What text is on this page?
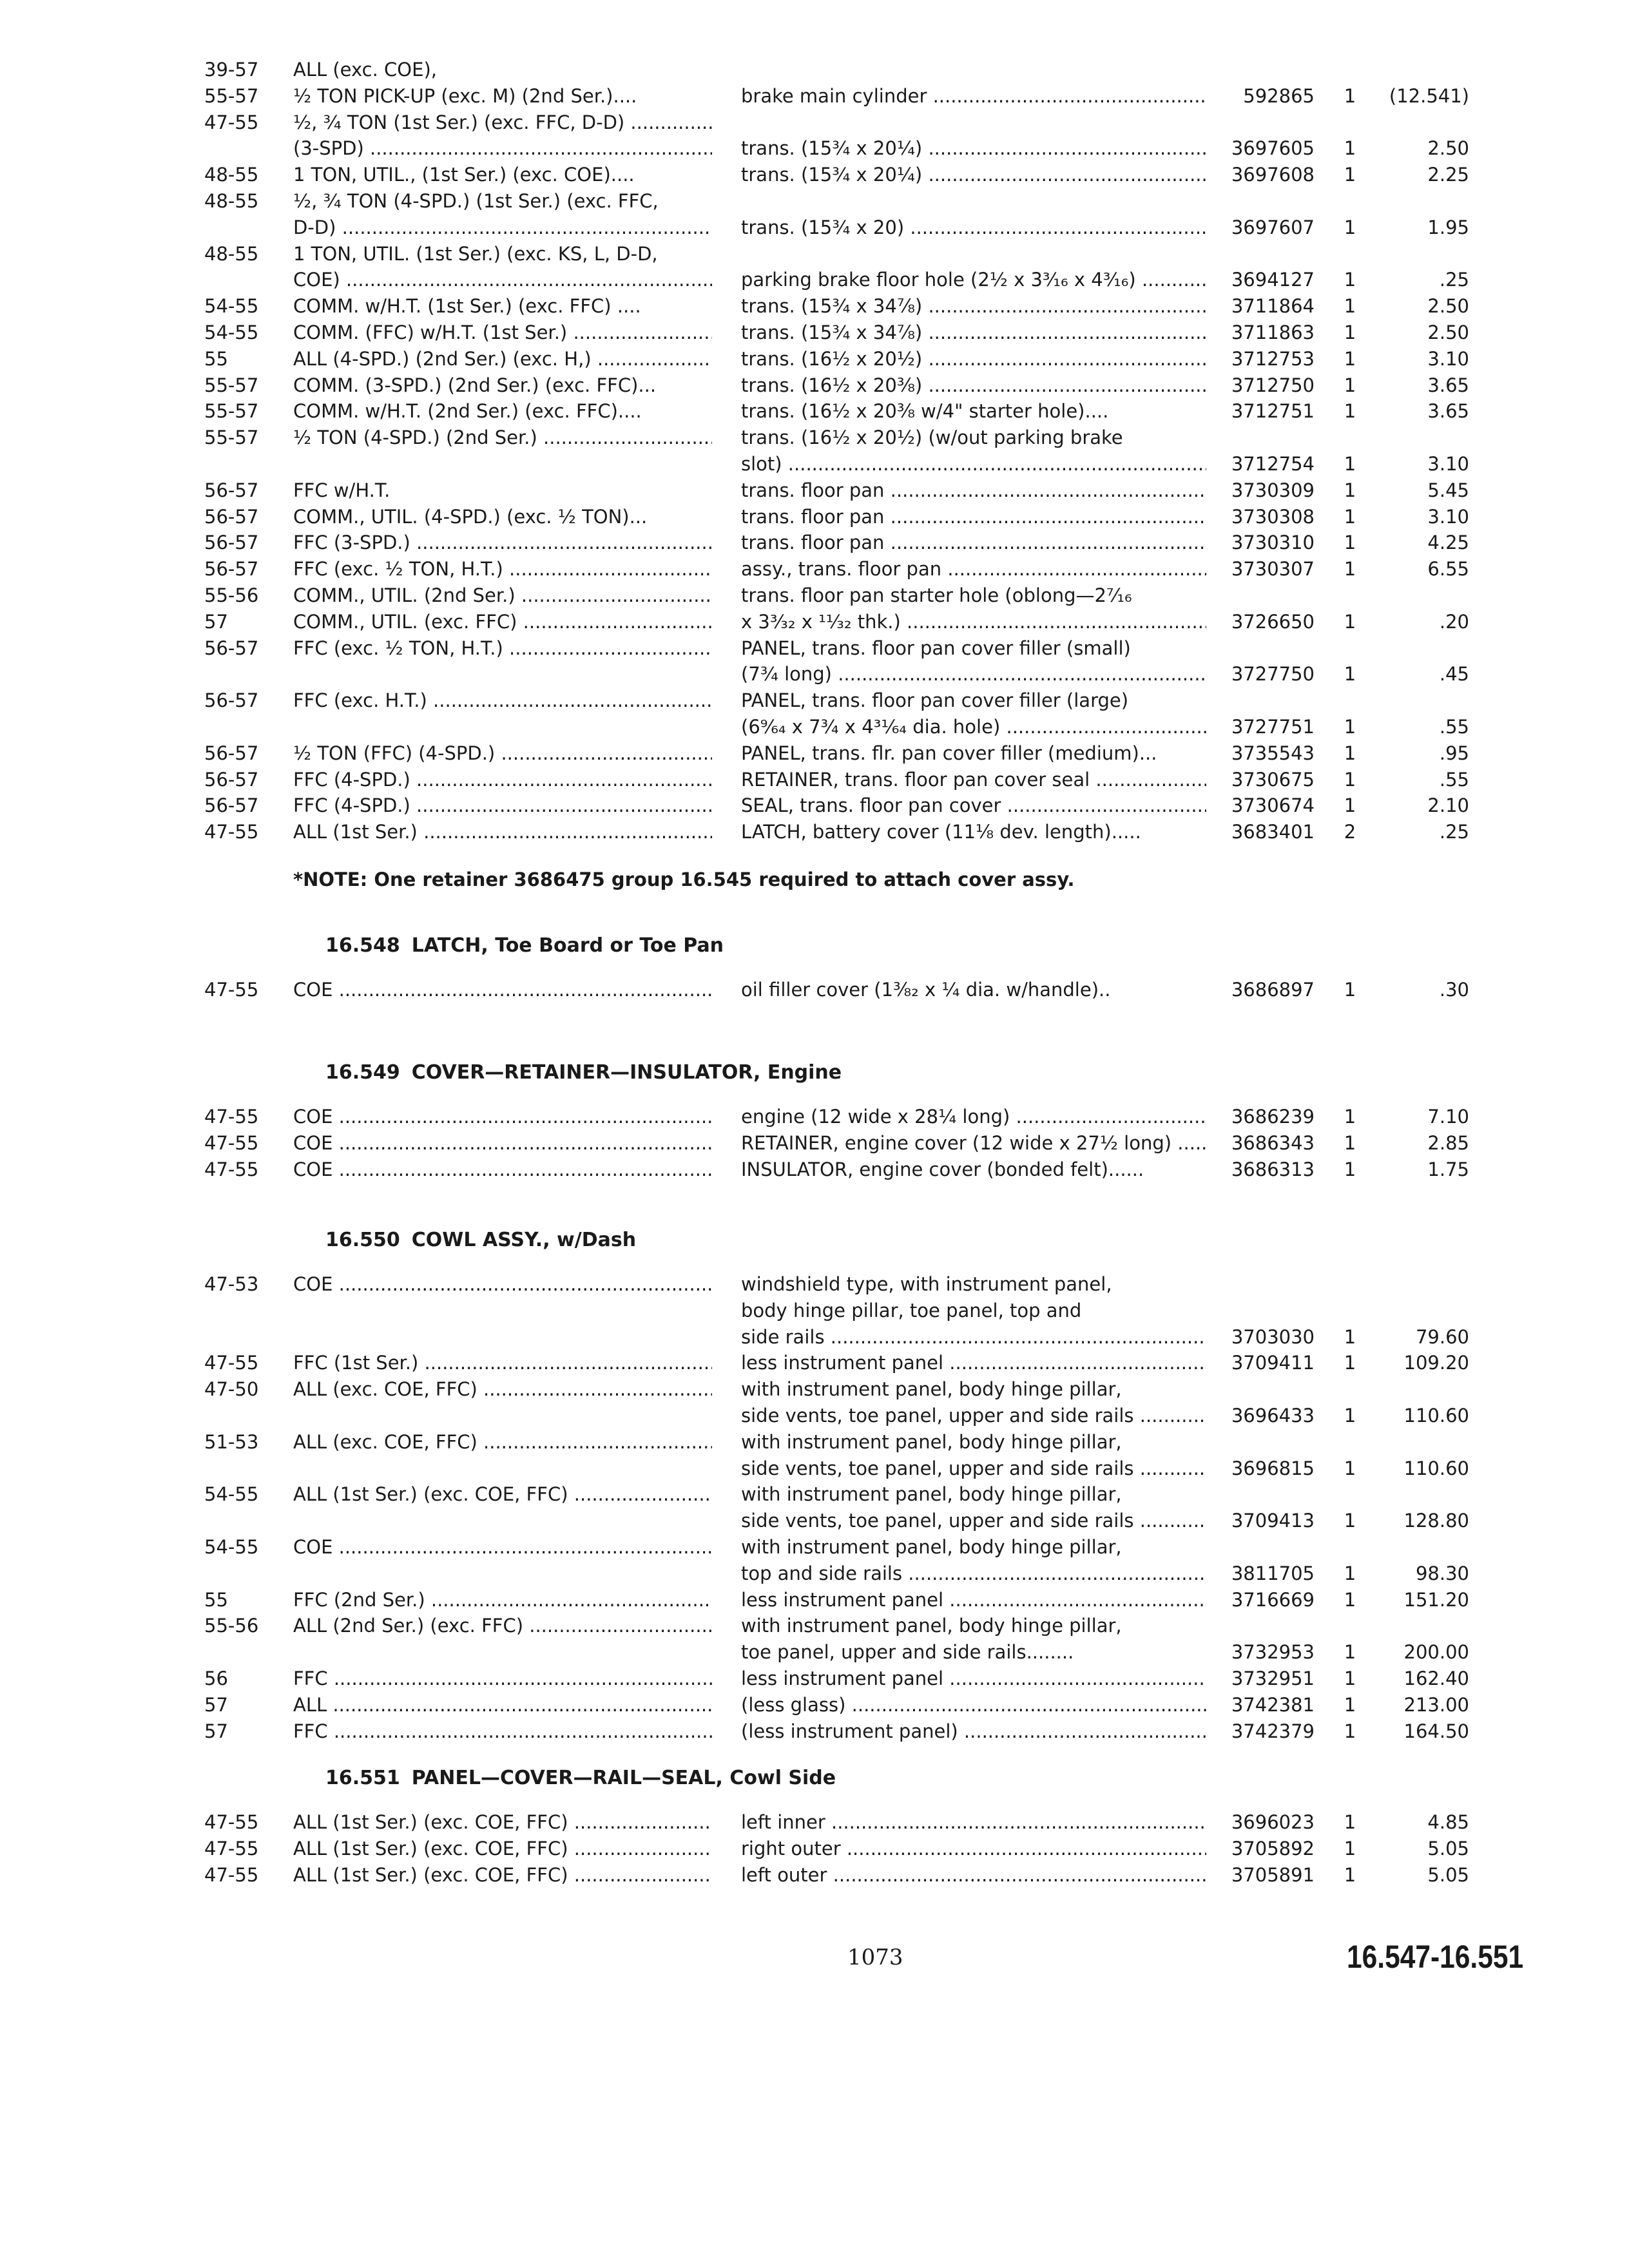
39-57 ALL (exc. COE),
55-57 ½ TON PICK-UP (exc. M) (2nd Ser.)....	brake main cylinder .....	592865	1	(12.541)
47-55 ½, ¾ TON (1st Ser.) (exc. FFC, D-D) .....
(3-SPD) .....	trans. (15¾ x 20¼) .....	3697605	1	2.50
48-55 1 TON, UTIL., (1st Ser.) (exc. COE)....	trans. (15¾ x 20¼) .....	3697608	1	2.25
48-55 ½, ¾ TON (4-SPD.) (1st Ser.) (exc. FFC,
D-D) .....	trans. (15¾ x 20) .....	3697607	1	1.95
48-55 1 TON, UTIL. (1st Ser.) (exc. KS, L, D-D,
COE) .....	parking brake floor hole (2½ x 3³⁄₁₆ x 4³⁄₁₆) .....	3694127	1	.25
54-55 COMM. w/H.T. (1st Ser.) (exc. FFC) ....	trans. (15¾ x 34⅞) .....	3711864	1	2.50
54-55 COMM. (FFC) w/H.T. (1st Ser.) .....	trans. (15¾ x 34⅞) .....	3711863	1	2.50
55	ALL (4-SPD.) (2nd Ser.) (exc. H,) .....	trans. (16½ x 20½) .....	3712753	1	3.10
55-57 COMM. (3-SPD.) (2nd Ser.) (exc. FFC)...	trans. (16½ x 20⅜) .....	3712750	1	3.65
55-57 COMM. w/H.T. (2nd Ser.) (exc. FFC)....	trans. (16½ x 20⅜ w/4" starter hole)....	3712751	1	3.65
55-57 ½ TON (4-SPD.) (2nd Ser.) .....	trans. (16½ x 20½) (w/out parking brake
slot) .....	3712754	1	3.10
56-57 FFC w/H.T.	trans. floor pan .....	3730309	1	5.45
56-57 COMM., UTIL. (4-SPD.) (exc. ½ TON)...	trans. floor pan .....	3730308	1	3.10
56-57 FFC (3-SPD.) .....	trans. floor pan .....	3730310	1	4.25
56-57 FFC (exc. ½ TON, H.T.) .....	assy., trans. floor pan .....	3730307	1	6.55
55-56 COMM., UTIL. (2nd Ser.) .....	trans. floor pan starter hole (oblong—2⁷⁄₁₆
57	COMM., UTIL. (exc. FFC) .....	x 3³⁄₃₂ x ¹¹⁄₃₂ thk.) .....	3726650	1	.20
56-57 FFC (exc. ½ TON, H.T.) .....	PANEL, trans. floor pan cover filler (small)
(7¾ long) .....	3727750	1	.45
56-57 FFC (exc. H.T.) .....	PANEL, trans. floor pan cover filler (large)
(6⁹⁄₆₄ x 7¾ x 4³¹⁄₆₄ dia. hole) .....	3727751	1	.55
56-57 ½ TON (FFC) (4-SPD.) .....	PANEL, trans. flr. pan cover filler (medium)...	3735543	1	.95
56-57 FFC (4-SPD.) .....	RETAINER, trans. floor pan cover seal .....	3730675	1	.55
56-57 FFC (4-SPD.) .....	SEAL, trans. floor pan cover .....	3730674	1	2.10
47-55 ALL (1st Ser.) .....	LATCH, battery cover (11⅛ dev. length).....	3683401	2	.25
*NOTE: One retainer 3686475 group 16.545 required to attach cover assy.
16.548 LATCH, Toe Board or Toe Pan
47-55 COE .....	oil filler cover (1⅜₂ x ¼ dia. w/handle)..	3686897	1	.30
16.549 COVER—RETAINER—INSULATOR, Engine
47-55 COE .....	engine (12 wide x 28¼ long) .....	3686239	1	7.10
47-55 COE .....	RETAINER, engine cover (12 wide x 27½ long) .....	3686343	1	2.85
47-55 COE .....	INSULATOR, engine cover (bonded felt)......	3686313	1	1.75
16.550 COWL ASSY., w/Dash
47-53 COE .....	windshield type, with instrument panel,
body hinge pillar, toe panel, top and
side rails .....	3703030	1	79.60
47-55 FFC (1st Ser.) .....	less instrument panel .....	3709411	1	109.20
47-50 ALL (exc. COE, FFC) .....	with instrument panel, body hinge pillar,
side vents, toe panel, upper and side rails .....	3696433	1	110.60
51-53 ALL (exc. COE, FFC) .....	with instrument panel, body hinge pillar,
side vents, toe panel, upper and side rails .....	3696815	1	110.60
54-55 ALL (1st Ser.) (exc. COE, FFC) .....	with instrument panel, body hinge pillar,
side vents, toe panel, upper and side rails .....	3709413	1	128.80
54-55 COE .....	with instrument panel, body hinge pillar,
top and side rails .....	3811705	1	98.30
55	FFC (2nd Ser.) .....	less instrument panel .....	3716669	1	151.20
55-56 ALL (2nd Ser.) (exc. FFC) .....	with instrument panel, body hinge pillar,
toe panel, upper and side rails........	3732953	1	200.00
56	FFC .....	less instrument panel .....	3732951	1	162.40
57	ALL .....	(less glass) .....	3742381	1	213.00
57	FFC .....	(less instrument panel) .....	3742379	1	164.50
16.551 PANEL—COVER—RAIL—SEAL, Cowl Side
47-55 ALL (1st Ser.) (exc. COE, FFC) .....	left inner .....	3696023	1	4.85
47-55 ALL (1st Ser.) (exc. COE, FFC) .....	right outer .....	3705892	1	5.05
47-55 ALL (1st Ser.) (exc. COE, FFC) .....	left outer .....	3705891	1	5.05
1073	16.547-16.551
